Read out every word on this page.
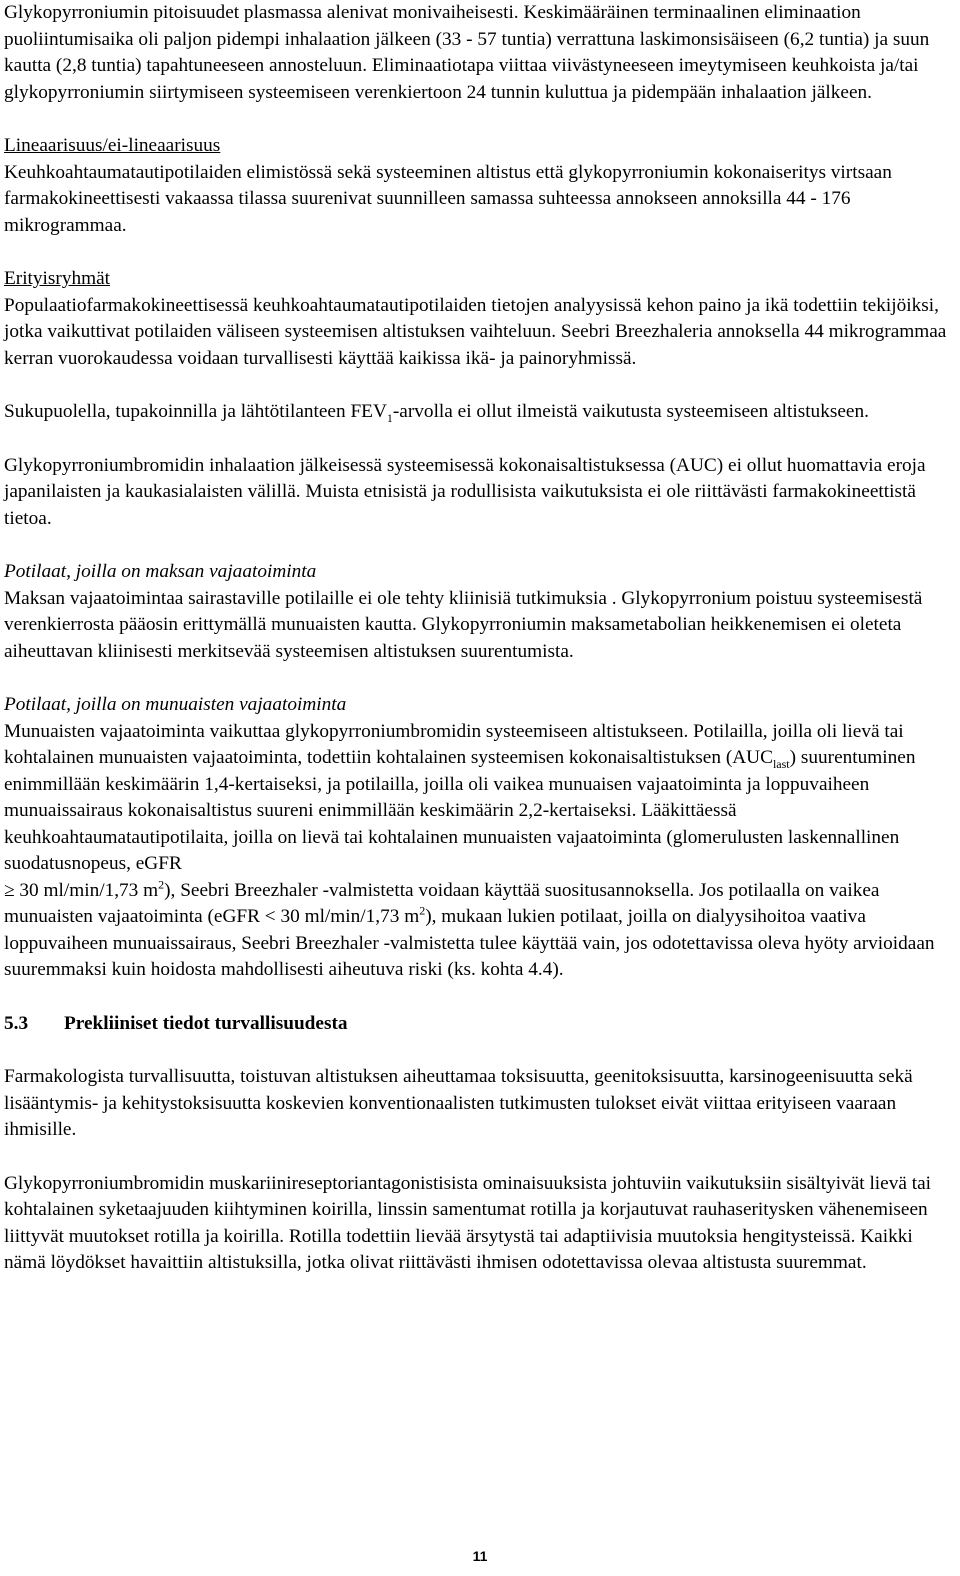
Glykopyrroniumin pitoisuudet plasmassa alenivat monivaiheisesti. Keskimääräinen terminaalinen eliminaation puoliintumisaika oli paljon pidempi inhalaation jälkeen (33 - 57 tuntia) verrattuna laskimonsisäiseen (6,2 tuntia) ja suun kautta (2,8 tuntia) tapahtuneeseen annosteluun. Eliminaatiotapa viittaa viivästyneeseen imeytymiseen keuhkoista ja/tai glykopyrroniumin siirtymiseen systeemiseen verenkiertoon 24 tunnin kuluttua ja pidempään inhalaation jälkeen.

Lineaarisuus/ei-lineaarisuus

Keuhkoahtaumatautipotilaiden elimistössä sekä systeeminen altistus että glykopyrroniumin kokonaiseritys virtsaan farmakokineettisesti vakaassa tilassa suurenivat suunnilleen samassa suhteessa annokseen annoksilla 44 - 176 mikrogrammaa.

Erityisryhmät

Populaatiofarmakokineettisessä keuhkoahtaumatautipotilaiden tietojen analyysissä kehon paino ja ikä todettiin tekijöiksi, jotka vaikuttivat potilaiden väliseen systeemisen altistuksen vaihteluun. Seebri Breezhaleria annoksella 44 mikrogrammaa kerran vuorokaudessa voidaan turvallisesti käyttää kaikissa ikä- ja painoryhmissä.

Sukupuolella, tupakoinnilla ja lähtötilanteen $FEV_1$-arvolla ei ollut ilmeistä vaikutusta systeemiseen altistukseen.

Glykopyrroniumbromidin inhalaation jälkeisessä systeemisessä kokonaisaltistuksessa (AUC) ei ollut huomattavia eroja japanilaisten ja kaukasialaisten välillä. Muista etnisistä ja rodullisista vaikutuksista ei ole riittävästi farmakokineettistä tietoa.

Potilaat, joilla on maksan vajaatoiminta

Maksan vajaatoimintaa sairastaville potilaille ei ole tehty kliinisiä tutkimuksia . Glykopyrronium poistuu systeemisestä verenkierrosta pääosin erittymällä munuaisten kautta. Glykopyrroniumin maksametabolian heikkenemisen ei oleteta aiheuttavan kliinisesti merkitsevää systeemisen altistuksen suurentumista.

Potilaat, joilla on munuaisten vajaatoiminta

Munuaisten vajaatoiminta vaikuttaa glykopyrroniumbromidin systeemiseen altistukseen. Potilailla, joilla oli lievä tai kohtalainen munuaisten vajaatoiminta, todettiin kohtalainen systeemisen kokonaisaltistuksen $(AUC_{last})$ suurentuminen enimmillään keskimäärin 1,4-kertaiseksi, ja potilailla, joilla oli vaikea munuaisen vajaatoiminta ja loppuvaiheen munuaissairaus kokonaisaltistus suureni enimmillään keskimäärin 2,2-kertaiseksi. Lääkittäessä keuhkoahtaumatautipotilaita, joilla on lievä tai kohtalainen munuaisten vajaatoiminta (glomerulusten laskennallinen suodatusnopeus, eGFR
≥ 30 ml/min/1,73 $m^2$), Seebri Breezhaler -valmistetta voidaan käyttää suositusannoksella. Jos potilaalla on vaikea munuaisten vajaatoiminta (eGFR < 30 ml/min/1,73 $m^2$), mukaan lukien potilaat, joilla on dialyysihoitoa vaativa loppuvaiheen munuaissairaus, Seebri Breezhaler -valmistetta tulee käyttää vain, jos odotettavissa oleva hyöty arvioidaan suuremmaksi kuin hoidosta mahdollisesti aiheutuva riski (ks. kohta 4.4).

5.3 Prekliiniset tiedot turvallisuudesta

Farmakologista turvallisuutta, toistuvan altistuksen aiheuttamaa toksisuutta, geenitoksisuutta, karsinogeenisuutta sekä lisääntymis- ja kehitystoksisuutta koskevien konventionaalisten tutkimusten tulokset eivät viittaa erityiseen vaaraan ihmisille.

Glykopyrroniumbromidin muskariinireseptoriantagonistisista ominaisuuksista johtuviin vaikutuksiin sisältyivät lievä tai kohtalainen syketaajuuden kiihtyminen koirilla, linssin samentumat rotilla ja korjautuvat rauhaseritysken vähenemiseen liittyvät muutokset rotilla ja koirilla. Rotilla todettiin lievää ärsytystä tai adaptiivisia muutoksia hengitysteissä. Kaikki nämä löydökset havaittiin altistuksilla, jotka olivat riittävästi ihmisen odotettavissa olevaa altistusta suuremmat.

11
